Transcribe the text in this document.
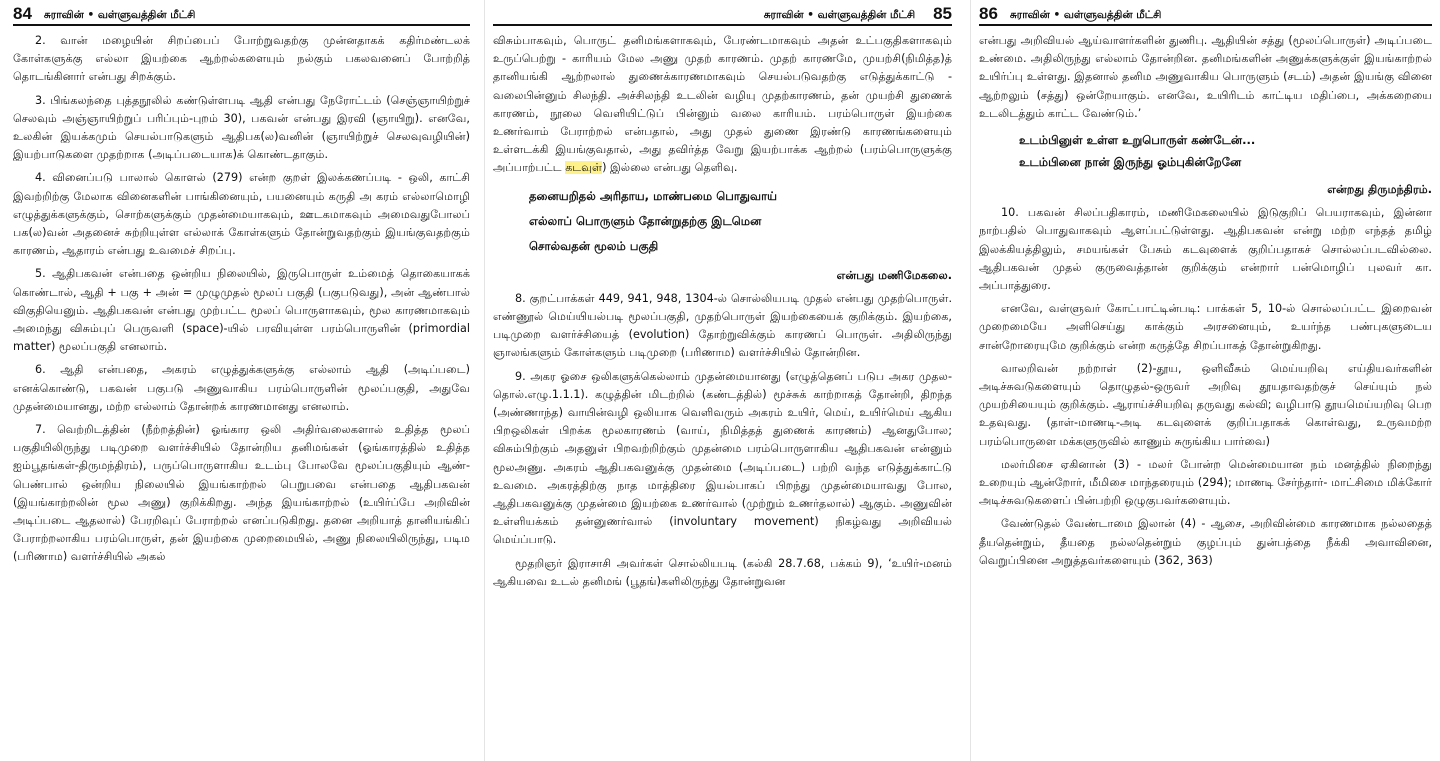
84 சுராவின் • வள்ளுவத்தின் மீட்சி

2. வான் மழையின் சிறப்பைப் போற்றுவதற்கு முன்னதாகக் கதிர்மண்டலக் கோள்களுக்கு எல்லா இயற்கை ஆற்றல்களையும் நல்கும் பகலவனைப் போற்றித் தொடங்கினார் என்பது சிறக்கும்.

3. பிங்கலந்தை புத்தநூலில் கண்டுள்ளபடி ஆதி என்பது நேரோட்டம் (செஞ்ஞாயிற்றுச் செலவும் அஞ்ஞாயிற்றுப் பரிப்பும்-புறம் 30), பகவன் என்பது இரவி (ஞாயிறு). எனவே, உலகின் இயக்கமும் செயல்பாடுகளும் ஆதிபக(ல)வனின் (ஞாயிற்றுச் செலவுவழியின்) இயற்பாடுகளை முதற்றாக (அடிப்படையாக)க் கொண்டதாகும்.

4. வினைப்படு பாலால் கொளல் (279) என்ற குறள் இலக்கணப்படி - ஒலி, காட்சி இவற்றிற்கு மேலாக வினைகளின் பாங்கினையும், பயனையும் கருதி அ கரம் எல்லாமொழி எழுத்துக்களுக்கும், சொற்களுக்கும் முதன்மையாகவும், ஊடகமாகவும் அமைவதுபோலப் பக(ல)வன் அதனைச் சுற்றியுள்ள எல்லாக் கோள்களும் தோன்றுவதற்கும் இயங்குவதற்கும் காரணம், ஆதாரம் என்பது உவமைச் சிறப்பு.

5. ஆதிபகவன் என்பதை ஒன்றிய நிலையில், இருபொருள் உம்மைத் தொகையாகக் கொண்டால், ஆதி + பகு + அன் = முழுமுதல் மூலப் பகுதி (பகுபடுவது), அன் ஆண்பால் விகுதியெனும். ஆதிபகவன் என்பது முற்பட்ட மூலப் பொருளாகவும், மூல காரணமாகவும் அமைந்து விசும்புப் பெருவளி (space)-யில் பரவியுள்ள பரம்பொருளின் (primordial matter) மூலப்பகுதி எனலாம்.

6. ஆதி என்பதை, அகரம் எழுத்துக்களுக்கு எல்லாம் ஆதி (அடிப்படை) எனக்கொண்டு, பகவன் பகுபடு அணுவாகிய பரம்பொருளின் மூலப்பகுதி, அதுவே முதன்மையானது, மற்ற எல்லாம் தோன்றக் காரணமானது எனலாம்.

7. வெற்றிடத்தின் (நீற்றத்தின்) ஓங்கார ஒலி அதிர்வலைகளால் உதித்த மூலப் பகுதியிலிருந்து படிமுறை வளர்ச்சியில் தோன்றிய தனிமங்கள் (ஓங்காரத்தில் உதித்த ஐம்பூதங்கள்-திருமந்திரம்), பருப்பொருளாகிய உடம்பு போலவே மூலப்பகுதியும் ஆண்-பெண்பால் ஒன்றிய நிலையில் இயங்காற்றல் பெறுபவை என்பதை ஆதிபகவன் (இயங்காற்றலின் மூல அணு) குறிக்கிறது. அந்த இயங்காற்றல் (உயிர்ப்பே அறிவின் அடிப்படை ஆதலால்) பேரறிவுப் பேராற்றல் எனப்படுகிறது. தனை அறியாத் தானியங்கிப் பேராற்றலாகிய பரம்பொருள், தன் இயற்கை முறைமையில், அணு நிலையிலிருந்து, படிம (பரிணாம) வளர்ச்சியில் அகல்

சுராவின் • வள்ளுவத்தின் மீட்சி 85

விசும்பாகவும், பொருட் தனிமங்களாகவும், பேரண்டமாகவும் அதன் உட்பகுதிகளாகவும் உருப்பெற்று - காரியம் மேல அணு முதற் காரணம். முதற் காரணமே, முயற்சி(நிமித்த)த் தானியங்கி ஆற்றலால் துணைக்காரணமாகவும் செயல்படுவதற்கு எடுத்துக்காட்டு - வலைபின்னும் சிலந்தி. அச்சிலந்தி உடலின் வழியு முதற்காரணம், தன் முயற்சி துணைக் காரணம், நூலை வெளியிட்டுப் பின்னும் வலை காரியம். பரம்பொருள் இயற்கை உணர்வாம் பேராற்றல் என்பதால், அது முதல் துணை இரண்டு காரணங்களையும் உள்ளடக்கி இயங்குவதால், அது தவிர்த்த வேறு இயற்பாக்க ஆற்றல் (பரம்பொருளுக்கு அப்பாற்பட்ட கடவுள்) இல்லை என்பது தெளிவு.

தனையறிதல் அரிதாய, மாண்பமை பொதுவாய்
எல்லாப் பொருளும் தோன்றுதற்கு இடமென
சொல்வதன் மூலம் பகுதி

என்பது மணிமேகலை.

8. குறட்பாக்கள் 449, 941, 948, 1304-ல் சொல்லியபடி முதல் என்பது முதற்பொருள். எண்ணூல் மெய்யியல்படி மூலப்பகுதி, முதற்பொருள் இயற்கையைக் குறிக்கும். இயற்கை, படிமுறை வளர்ச்சியைத் (evolution) தோற்றுவிக்கும் காரணப் பொருள். அதிலிருந்து ஞாலங்களும் கோள்களும் படிமுறை (பரிணாம) வளர்ச்சியில் தோன்றின.

9. அகர ஓசை ஒலிகளுக்கெல்லாம் முதன்மையானது (எழுத்தெனப் படுப அகர முதல- தொல்.எழு.1.1.1). கழுத்தின் மிடற்றில் (கண்டத்தில்) மூச்சுக் காற்றாகத் தோன்றி, திறந்த (அண்ணாந்த) வாயின்வழி ஒலியாக வெளிவரும் அகரம் உயிர், மெய், உயிர்மெய் ஆகிய பிறஒலிகள் பிறக்க மூலகாரணம் (வாய், நிமித்தத் துணைக் காரணம்) ஆனதுபோல; விசும்பிற்கும் அதனுள் பிறவற்றிற்கும் முதன்மை பரம்பொருளாகிய ஆதிபகவன் என்னும் மூலஅணு. அகரம் ஆதிபகவனுக்கு முதன்மை (அடிப்படை) பற்றி வந்த எடுத்துக்காட்டு உவமை. அகரத்திற்கு நாத மாத்திரை இயல்பாகப் பிறந்து முதன்மையாவது போல, ஆதிபகவனுக்கு முதன்மை இயற்கை உணர்வால் (முற்றும் உணர்தலால்) ஆகும். அணுவின் உள்ளியக்கம் தன்னுணர்வால் (involuntary movement) நிகழ்வது அறிவியல் மெய்ப்பாடு.

மூதறிஞர் இராசாசி அவர்கள் சொல்லியபடி (கல்கி 28.7.68, பக்கம் 9), ‘உயிர்-மனம் ஆகியவை உடல் தனிமங் (பூதங்)களிலிருந்து தோன்றுவன

86 சுராவின் • வள்ளுவத்தின் மீட்சி

என்பது அறிவியல் ஆய்வாளர்களின் துணிபு. ஆதியின் சத்து (மூலப்பொருள்) அடிப்படை உண்மை. அதிலிருந்து எல்லாம் தோன்றின. தனிமங்களின் அணுக்களுக்குள் இயங்காற்றல் உயிர்ப்பு உள்ளது. இதனால் தனிம அணுவாகிய பொருளும் (சடம்) அதன் இயங்கு வினை ஆற்றலும் (சத்து) ஒன்றேயாகும். எனவே, உயிரிடம் காட்டிய மதிப்பை, அக்கறையை உடலிடத்தும் காட்ட வேண்டும்.’

உடம்பினுள் உள்ள உறுபொருள் கண்டேன்...
உடம்பினை நான் இருந்து ஓம்புகின்றேனே

என்றது திருமந்திரம்.

10. பகவன் சிலப்பதிகாரம், மணிமேகலையில் இடுகுறிப் பெயராகவும், இன்னா நாற்பதில் பொதுவாகவும் ஆளப்பட்டுள்ளது. ஆதிபகவன் என்று மற்ற எந்தத் தமிழ் இலக்கியத்திலும், சமயங்கள் பேசும் கடவுளைக் குறிப்பதாகச் சொல்லப்படவில்லை. ஆதிபகவன் முதல் குருவைத்தான் குறிக்கும் என்றார் பன்மொழிப் புலவர் கா. அப்பாத்துரை.

எனவே, வள்ளுவர் கோட்பாட்டின்படி: பாக்கள் 5, 10-ல் சொல்லப்பட்ட இறைவன் முறைமையே அளிசெய்து காக்கும் அரசனையும், உயர்ந்த பண்புகளுடைய சான்றோரையுமே குறிக்கும் என்ற கருத்தே சிறப்பாகத் தோன்றுகிறது.

வாலறிவன் நற்றாள் (2)-தூய, ஒளிவீசும் மெய்யறிவு எய்தியவர்களின் அடிச்சுவடுகளையும் தொழுதல்-ஒருவர் அறிவு தூயதாவதற்குச் செய்யும் நல் முயற்சியையும் குறிக்கும். ஆராய்ச்சியறிவு தருவது கல்வி; வழிபாடு தூயமெய்யறிவு பெற உதவுவது. (தாள்-மாணடி-அடி கடவுளைக் குறிப்பதாகக் கொள்வது, உருவமற்ற பரம்பொருளை மக்களுருவில் காணும் சுருங்கிய பார்வை)

மலர்மிசை ஏகினான் (3) - மலர் போன்ற மென்மையான நம் மனத்தில் நிறைந்து உறையும் ஆன்றோர், மீமிசை மாந்தரையும் (294); மாணடி சேர்ந்தார்- மாட்சிமை மிக்கோர் அடிச்சுவடுகளைப் பின்பற்றி ஒழுகுபவர்களையும்.

வேண்டுதல் வேண்டாமை இலான் (4) - ஆசை, அறிவின்மை காரணமாக நல்லதைத் தீயதென்றும், தீயதை நல்லதென்றும் குழப்பும் துன்பத்தை நீக்கி அவாவினை, வெறுப்பினை அறுத்தவர்களையும் (362, 363)
